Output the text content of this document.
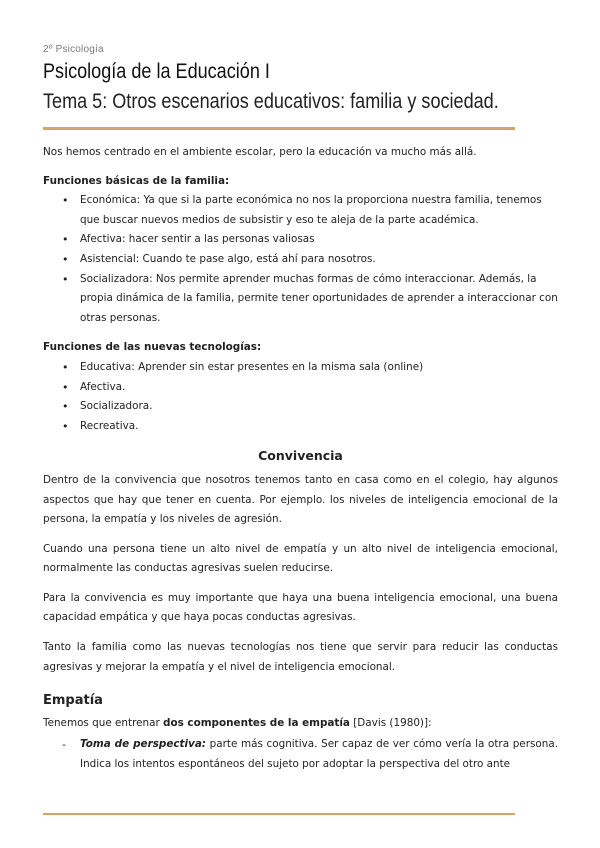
2º Psicología
Psicología de la Educación I
Tema 5: Otros escenarios educativos: familia y sociedad.

Nos hemos centrado en el ambiente escolar, pero la educación va mucho más allá.

Funciones básicas de la familia:
• Económica: Ya que si la parte económica no nos la proporciona nuestra familia, tenemos que buscar nuevos medios de subsistir y eso te aleja de la parte académica.
• Afectiva: hacer sentir a las personas valiosas
• Asistencial: Cuando te pase algo, está ahí para nosotros.
• Socializadora: Nos permite aprender muchas formas de cómo interaccionar. Además, la propia dinámica de la familia, permite tener oportunidades de aprender a interaccionar con otras personas.
Funciones de las nuevas tecnologías:
• Educativa: Aprender sin estar presentes en la misma sala (online)
• Afectiva.
• Socializadora.
• Recreativa.
Convivencia

Dentro de la convivencia que nosotros tenemos tanto en casa como en el colegio, hay algunos aspectos que hay que tener en cuenta. Por ejemplo. los niveles de inteligencia emocional de la persona, la empatía y los niveles de agresión.

Cuando una persona tiene un alto nivel de empatía y un alto nivel de inteligencia emocional, normalmente las conductas agresivas suelen reducirse.

Para la convivencia es muy importante que haya una buena inteligencia emocional, una buena capacidad empática y que haya pocas conductas agresivas.

Tanto la familia como las nuevas tecnologías nos tiene que servir para reducir las conductas agresivas y mejorar la empatía y el nivel de inteligencia emocional.

Empatía

Tenemos que entrenar dos componentes de la empatía [Davis (1980)]:

- Toma de perspectiva: parte más cognitiva. Ser capaz de ver cómo vería la otra persona. Indica los intentos espontáneos del sujeto por adoptar la perspectiva del otro ante
